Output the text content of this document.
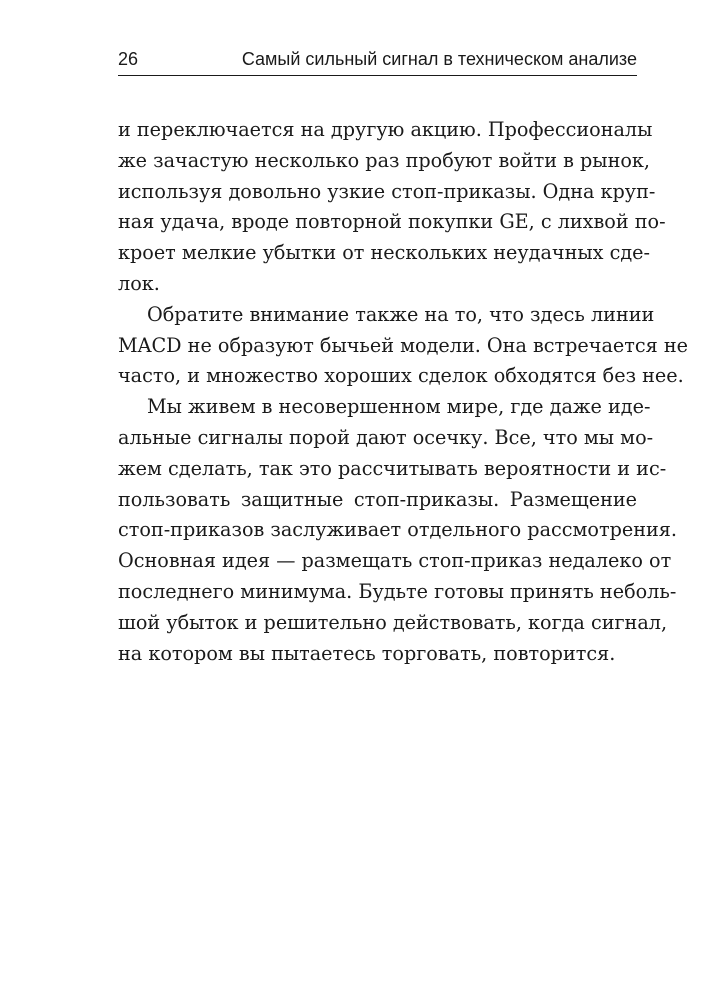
26	Самый сильный сигнал в техническом анализе
и переключается на другую акцию. Профессионалы
же зачастую несколько раз пробуют войти в рынок,
используя довольно узкие стоп-приказы. Одна круп-
ная удача, вроде повторной покупки GE, с лихвой по-
кроет мелкие убытки от нескольких неудачных сде-
лок.
Обратите внимание также на то, что здесь линии
MACD не образуют бычьей модели. Она встречается не
часто, и множество хороших сделок обходятся без нее.
Мы живем в несовершенном мире, где даже иде-
альные сигналы порой дают осечку. Все, что мы мо-
жем сделать, так это рассчитывать вероятности и ис-
пользовать защитные стоп-приказы. Размещение
стоп-приказов заслуживает отдельного рассмотрения.
Основная идея — размещать стоп-приказ недалеко от
последнего минимума. Будьте готовы принять неболь-
шой убыток и решительно действовать, когда сигнал,
на котором вы пытаетесь торговать, повторится.
